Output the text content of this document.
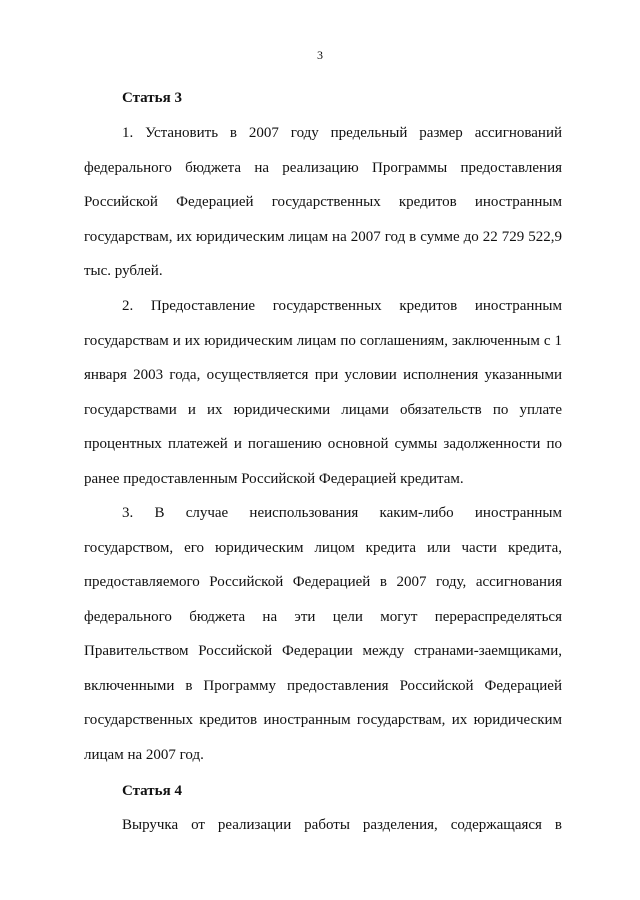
3
Статья 3

1. Установить в 2007 году предельный размер ассигнований федерального бюджета на реализацию Программы предоставления Российской Федерацией государственных кредитов иностранным государствам, их юридическим лицам на 2007 год в сумме до 22 729 522,9 тыс. рублей.

2. Предоставление государственных кредитов иностранным государствам и их юридическим лицам по соглашениям, заключенным с 1 января 2003 года, осуществляется при условии исполнения указанными государствами и их юридическими лицами обязательств по уплате процентных платежей и погашению основной суммы задолженности по ранее предоставленным Российской Федерацией кредитам.

3. В случае неиспользования каким-либо иностранным государством, его юридическим лицом кредита или части кредита, предоставляемого Российской Федерацией в 2007 году, ассигнования федерального бюджета на эти цели могут перераспределяться Правительством Российской Федерации между странами-заемщиками, включенными в Программу предоставления Российской Федерацией государственных кредитов иностранным государствам, их юридическим лицам на 2007 год.

Статья 4

Выручка от реализации работы разделения, содержащаяся в
